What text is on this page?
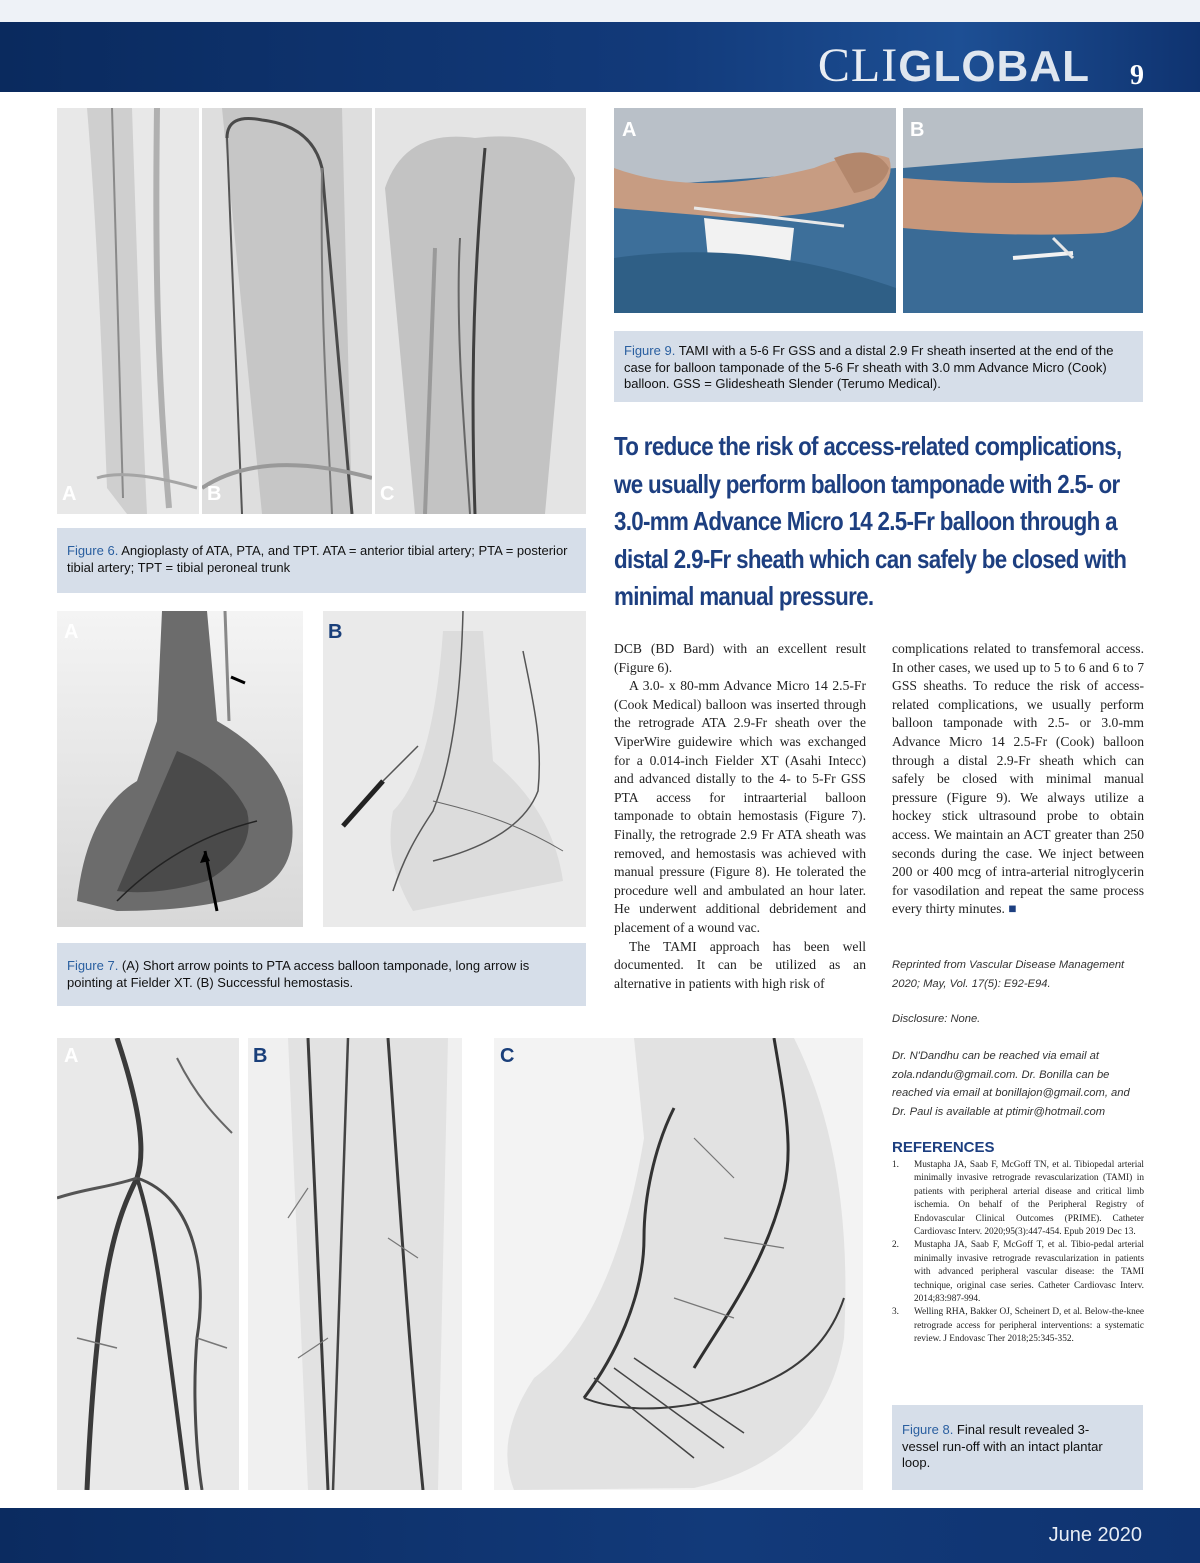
CLIGLOBAL 9
A	B	C
Figure 6. Angioplasty of ATA, PTA, and TPT. ATA = anterior tibial artery; PTA = posterior tibial artery; TPT = tibial peroneal trunk
A	B
Figure 7. (A) Short arrow points to PTA access balloon tamponade, long arrow is pointing at Fielder XT. (B) Successful hemostasis.
A	B
Figure 9. TAMI with a 5-6 Fr GSS and a distal 2.9 Fr sheath inserted at the end of the case for balloon tamponade of the 5-6 Fr sheath with 3.0 mm Advance Micro (Cook) balloon. GSS = Glidesheath Slender (Terumo Medical).
To reduce the risk of access-related complications, we usually perform balloon tamponade with 2.5- or 3.0-mm Advance Micro 14 2.5-Fr balloon through a distal 2.9-Fr sheath which can safely be closed with minimal manual pressure.

DCB (BD Bard) with an excellent result (Figure 6).

A 3.0- x 80-mm Advance Micro 14 2.5-Fr (Cook Medical) balloon was inserted through the retrograde ATA 2.9-Fr sheath over the ViperWire guidewire which was exchanged for a 0.014-inch Fielder XT (Asahi Intecc) and advanced distally to the 4- to 5-Fr GSS PTA access for intraarterial balloon tamponade to obtain hemostasis (Figure 7). Finally, the retrograde 2.9 Fr ATA sheath was removed, and hemostasis was achieved with manual pressure (Figure 8). He tolerated the procedure well and ambulated an hour later. He underwent additional debridement and placement of a wound vac.

The TAMI approach has been well documented. It can be utilized as an alternative in patients with high risk of

complications related to transfemoral access. In other cases, we used up to 5 to 6 and 6 to 7 GSS sheaths. To reduce the risk of access-related complications, we usually perform balloon tamponade with 2.5- or 3.0-mm Advance Micro 14 2.5-Fr (Cook) balloon through a distal 2.9-Fr sheath which can safely be closed with minimal manual pressure (Figure 9). We always utilize a hockey stick ultrasound probe to obtain access. We maintain an ACT greater than 250 seconds during the case. We inject between 200 or 400 mcg of intra-arterial nitroglycerin for vasodilation and repeat the same process every thirty minutes. ■

Reprinted from Vascular Disease Management 2020; May, Vol. 17(5): E92-E94.
Disclosure: None.
Dr. N'Dandhu can be reached via email at zola.ndandu@gmail.com. Dr. Bonilla can be reached via email at bonillajon@gmail.com, and Dr. Paul is available at ptimir@hotmail.com
REFERENCES
1.	Mustapha JA, Saab F, McGoff TN, et al. Tibiopedal arterial minimally invasive retrograde revascularization (TAMI) in patients with peripheral arterial disease and critical limb ischemia. On behalf of the Peripheral Registry of Endovascular Clinical Outcomes (PRIME). Catheter Cardiovasc Interv. 2020;95(3):447-454. Epub 2019 Dec 13.
2.	Mustapha JA, Saab F, McGoff T, et al. Tibio-pedal arterial minimally invasive retrograde revascularization in patients with advanced peripheral vascular disease: the TAMI technique, original case series. Catheter Cardiovasc Interv. 2014;83:987-994.
3.	Welling RHA, Bakker OJ, Scheinert D, et al. Below-the-knee retrograde access for peripheral interventions: a systematic review. J Endovasc Ther 2018;25:345-352.
A	B	C
Figure 8. Final result revealed 3-vessel run-off with an intact plantar loop.
June 2020
